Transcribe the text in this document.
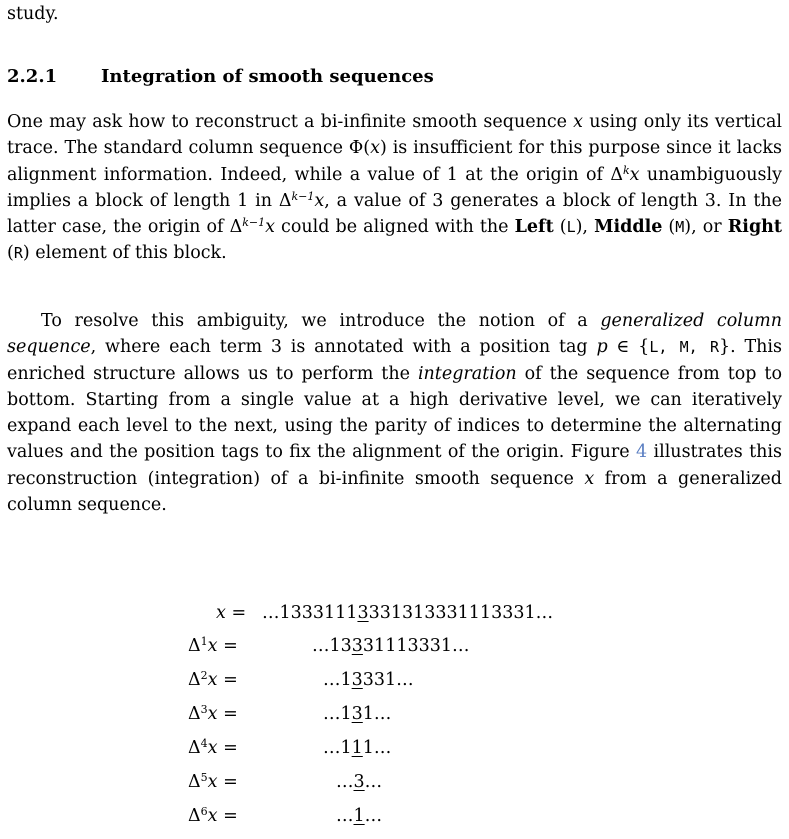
study.
2.2.1 Integration of smooth sequences

One may ask how to reconstruct a bi-infinite smooth sequence x using only its vertical trace. The standard column sequence Φ(x) is insufficient for this purpose since it lacks alignment information. Indeed, while a value of 1 at the origin of $\Delta^kx$ unambiguously implies a block of length 1 in $\Delta^{k-1}x$, a value of 3 generates a block of length 3. In the latter case, the origin of $\Delta^{k-1}x$ could be aligned with the Left (L), Middle (M), or Right (R) element of this block.

To resolve this ambiguity, we introduce the notion of a generalized column sequence, where each term 3 is annotated with a position tag p ∈ {L, M, R}. This enriched structure allows us to perform the integration of the sequence from top to bottom. Starting from a single value at a high derivative level, we can iteratively expand each level to the next, using the parity of indices to determine the alternating values and the position tags to fix the alignment of the origin. Figure 4 illustrates this reconstruction (integration) of a bi-infinite smooth sequence x from a generalized column sequence.

x = …13331113331313331113331…
$\Delta^1x$ =	…13331113331…
$\Delta^2x$ =	…13331…
$\Delta^3x$ =	…131…
$\Delta^4x$ =	…111…
$\Delta^5x$ =	…3…
$\Delta^6x$ =	…1…
